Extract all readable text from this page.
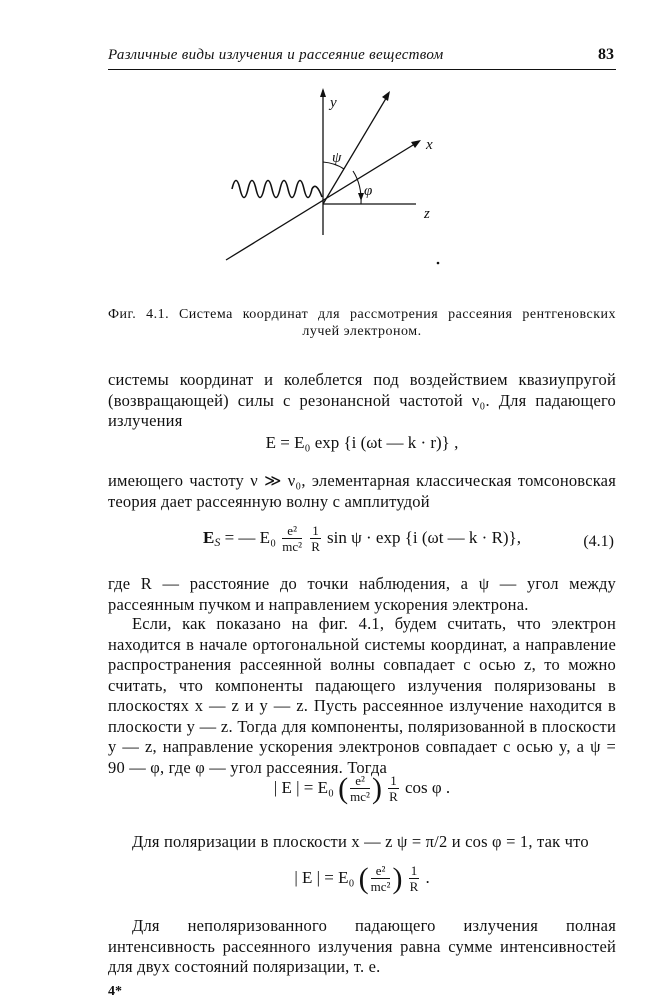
Различные виды излучения и рассеяние веществом	83
y
x
z
ψ
φ
Фиг. 4.1. Система координат для рассмотрения рассеяния рентгеновских лучей электроном.
системы координат и колеблется под воздействием квазиупругой (возвращающей) силы с резонансной частотой ν₀. Для падающего излучения
E = E₀ exp {i (ωt — k · r)} ,
имеющего частоту ν ≫ ν₀, элементарная классическая томсоновская теория дает рассеянную волну с амплитудой
ES = — $E_0 \frac{\text{e²}}{\text{mc²}}$
$\frac{1}{R}$ sin ψ · exp {i (ωt — k · R)},	(4.1)
где R — расстояние до точки наблюдения, а ψ — угол между рассеянным пучком и направлением ускорения электрона.
Если, как показано на фиг. 4.1, будем считать, что электрон находится в начале ортогональной системы координат, а направление распространения рассеянной волны совпадает с осью z, то можно считать, что компоненты падающего излучения поляризованы в плоскостях x — z и y — z. Пусть рассеянное излучение находится в плоскости y — z. Тогда для компоненты, поляризованной в плоскости y — z, направление ускорения электронов совпадает с осью y, а ψ = 90 — φ, где φ — угол рассеяния. Тогда
| E | = E₀ ( $\frac{\text{e²}}{\text{mc²}}$ ) $\frac{1}{R}$ cos φ .
Для поляризации в плоскости x — z ψ = π/2 и cos φ = 1, так что
| E | = E₀ ( $\frac{\text{e²}}{\text{mc²}}$ ) $\frac{1}{R}$ .
Для неполяризованного падающего излучения полная интенсивность рассеянного излучения равна сумме интенсивностей для двух состояний поляризации, т. е.
4*
